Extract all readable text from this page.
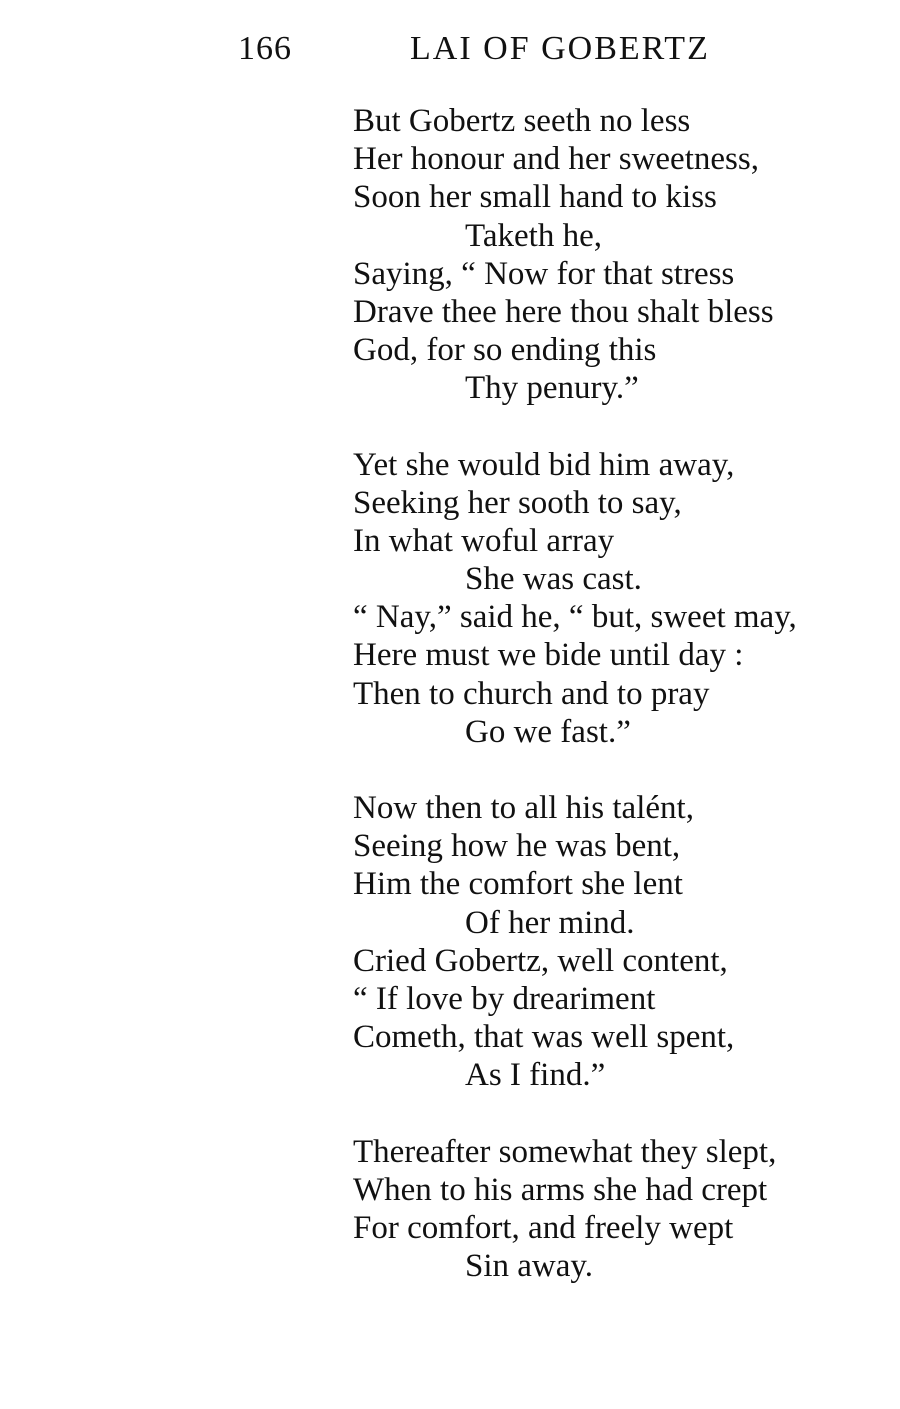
166	LAI OF GOBERTZ
But Gobertz seeth no less
Her honour and her sweetness,
Soon her small hand to kiss
Taketh he,
Saying, “ Now for that stress
Drave thee here thou shalt bless
God, for so ending this
Thy penury.”
Yet she would bid him away,
Seeking her sooth to say,
In what woful array
She was cast.
“ Nay,” said he, “ but, sweet may,
Here must we bide until day :
Then to church and to pray
Go we fast.”
Now then to all his talént,
Seeing how he was bent,
Him the comfort she lent
Of her mind.
Cried Gobertz, well content,
“ If love by dreariment
Cometh, that was well spent,
As I find.”
Thereafter somewhat they slept,
When to his arms she had crept
For comfort, and freely wept
Sin away.
